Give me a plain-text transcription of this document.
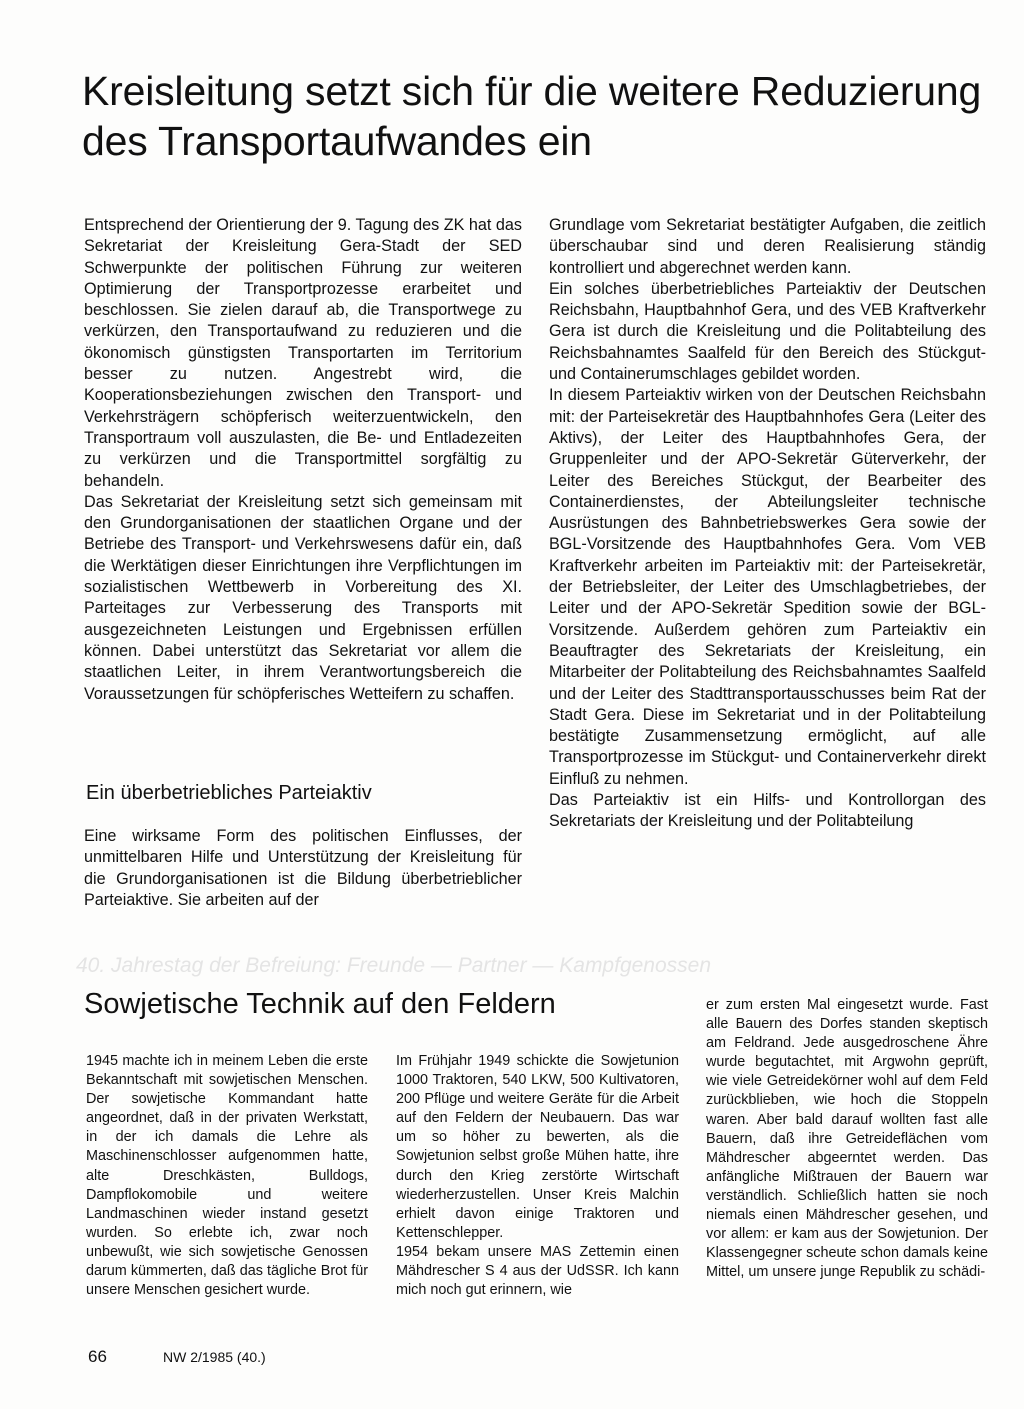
Kreisleitung setzt sich für die weitere Reduzierung des Transportaufwandes ein

Entsprechend der Orientierung der 9. Tagung des ZK hat das Sekretariat der Kreisleitung Gera-Stadt der SED Schwerpunkte der politischen Führung zur weiteren Optimierung der Transportprozesse erarbeitet und beschlossen. Sie zielen darauf ab, die Transportwege zu verkürzen, den Transportaufwand zu reduzieren und die ökonomisch günstigsten Transportarten im Territorium besser zu nutzen. Angestrebt wird, die Kooperationsbeziehungen zwischen den Transport- und Verkehrsträgern schöpferisch weiterzuentwickeln, den Transportraum voll auszulasten, die Be- und Entladezeiten zu verkürzen und die Transportmittel sorgfältig zu behandeln.

Das Sekretariat der Kreisleitung setzt sich gemeinsam mit den Grundorganisationen der staatlichen Organe und der Betriebe des Transport- und Verkehrswesens dafür ein, daß die Werktätigen dieser Einrichtungen ihre Verpflichtungen im sozialistischen Wettbewerb in Vorbereitung des XI. Parteitages zur Verbesserung des Transports mit ausgezeichneten Leistungen und Ergebnissen erfüllen können. Dabei unterstützt das Sekretariat vor allem die staatlichen Leiter, in ihrem Verantwortungsbereich die Voraussetzungen für schöpferisches Wetteifern zu schaffen.

Ein überbetriebliches Parteiaktiv

Eine wirksame Form des politischen Einflusses, der unmittelbaren Hilfe und Unterstützung der Kreisleitung für die Grundorganisationen ist die Bildung überbetrieblicher Parteiaktive. Sie arbeiten auf der

Grundlage vom Sekretariat bestätigter Aufgaben, die zeitlich überschaubar sind und deren Realisierung ständig kontrolliert und abgerechnet werden kann.

Ein solches überbetriebliches Parteiaktiv der Deutschen Reichsbahn, Hauptbahnhof Gera, und des VEB Kraftverkehr Gera ist durch die Kreisleitung und die Politabteilung des Reichsbahnamtes Saalfeld für den Bereich des Stückgut- und Containerumschlages gebildet worden.

In diesem Parteiaktiv wirken von der Deutschen Reichsbahn mit: der Parteisekretär des Hauptbahnhofes Gera (Leiter des Aktivs), der Leiter des Hauptbahnhofes Gera, der Gruppenleiter und der APO-Sekretär Güterverkehr, der Leiter des Bereiches Stückgut, der Bearbeiter des Containerdienstes, der Abteilungsleiter technische Ausrüstungen des Bahnbetriebswerkes Gera sowie der BGL-Vorsitzende des Hauptbahnhofes Gera. Vom VEB Kraftverkehr arbeiten im Parteiaktiv mit: der Parteisekretär, der Betriebsleiter, der Leiter des Umschlagbetriebes, der Leiter und der APO-Sekretär Spedition sowie der BGL-Vorsitzende. Außerdem gehören zum Parteiaktiv ein Beauftragter des Sekretariats der Kreisleitung, ein Mitarbeiter der Politabteilung des Reichsbahnamtes Saalfeld und der Leiter des Stadttransportausschusses beim Rat der Stadt Gera. Diese im Sekretariat und in der Politabteilung bestätigte Zusammensetzung ermöglicht, auf alle Transportprozesse im Stückgut- und Containerverkehr direkt Einfluß zu nehmen.

Das Parteiaktiv ist ein Hilfs- und Kontrollorgan des Sekretariats der Kreisleitung und der Politabteilung

40. Jahrestag der Befreiung: Freunde — Partner — Kampfgenossen
Sowjetische Technik auf den Feldern

1945 machte ich in meinem Leben die erste Bekanntschaft mit sowjetischen Menschen. Der sowjetische Kommandant hatte angeordnet, daß in der privaten Werkstatt, in der ich damals die Lehre als Maschinenschlosser aufgenommen hatte, alte Dreschkästen, Bulldogs, Dampflokomobile und weitere Landmaschinen wieder instand gesetzt wurden. So erlebte ich, zwar noch unbewußt, wie sich sowjetische Genossen darum kümmerten, daß das tägliche Brot für unsere Menschen gesichert wurde.

Im Frühjahr 1949 schickte die Sowjetunion 1000 Traktoren, 540 LKW, 500 Kultivatoren, 200 Pflüge und weitere Geräte für die Arbeit auf den Feldern der Neubauern. Das war um so höher zu bewerten, als die Sowjetunion selbst große Mühen hatte, ihre durch den Krieg zerstörte Wirtschaft wiederherzustellen. Unser Kreis Malchin erhielt davon einige Traktoren und Kettenschlepper.

1954 bekam unsere MAS Zettemin einen Mähdrescher S 4 aus der UdSSR. Ich kann mich noch gut erinnern, wie

er zum ersten Mal eingesetzt wurde. Fast alle Bauern des Dorfes standen skeptisch am Feldrand. Jede ausgedroschene Ähre wurde begutachtet, mit Argwohn geprüft, wie viele Getreidekörner wohl auf dem Feld zurückblieben, wie hoch die Stoppeln waren. Aber bald darauf wollten fast alle Bauern, daß ihre Getreideflächen vom Mähdrescher abgeerntet werden. Das anfängliche Mißtrauen der Bauern war verständlich. Schließlich hatten sie noch niemals einen Mähdrescher gesehen, und vor allem: er kam aus der Sowjetunion. Der Klassengegner scheute schon damals keine Mittel, um unsere junge Republik zu schädi-

66	NW 2/1985 (40.)
